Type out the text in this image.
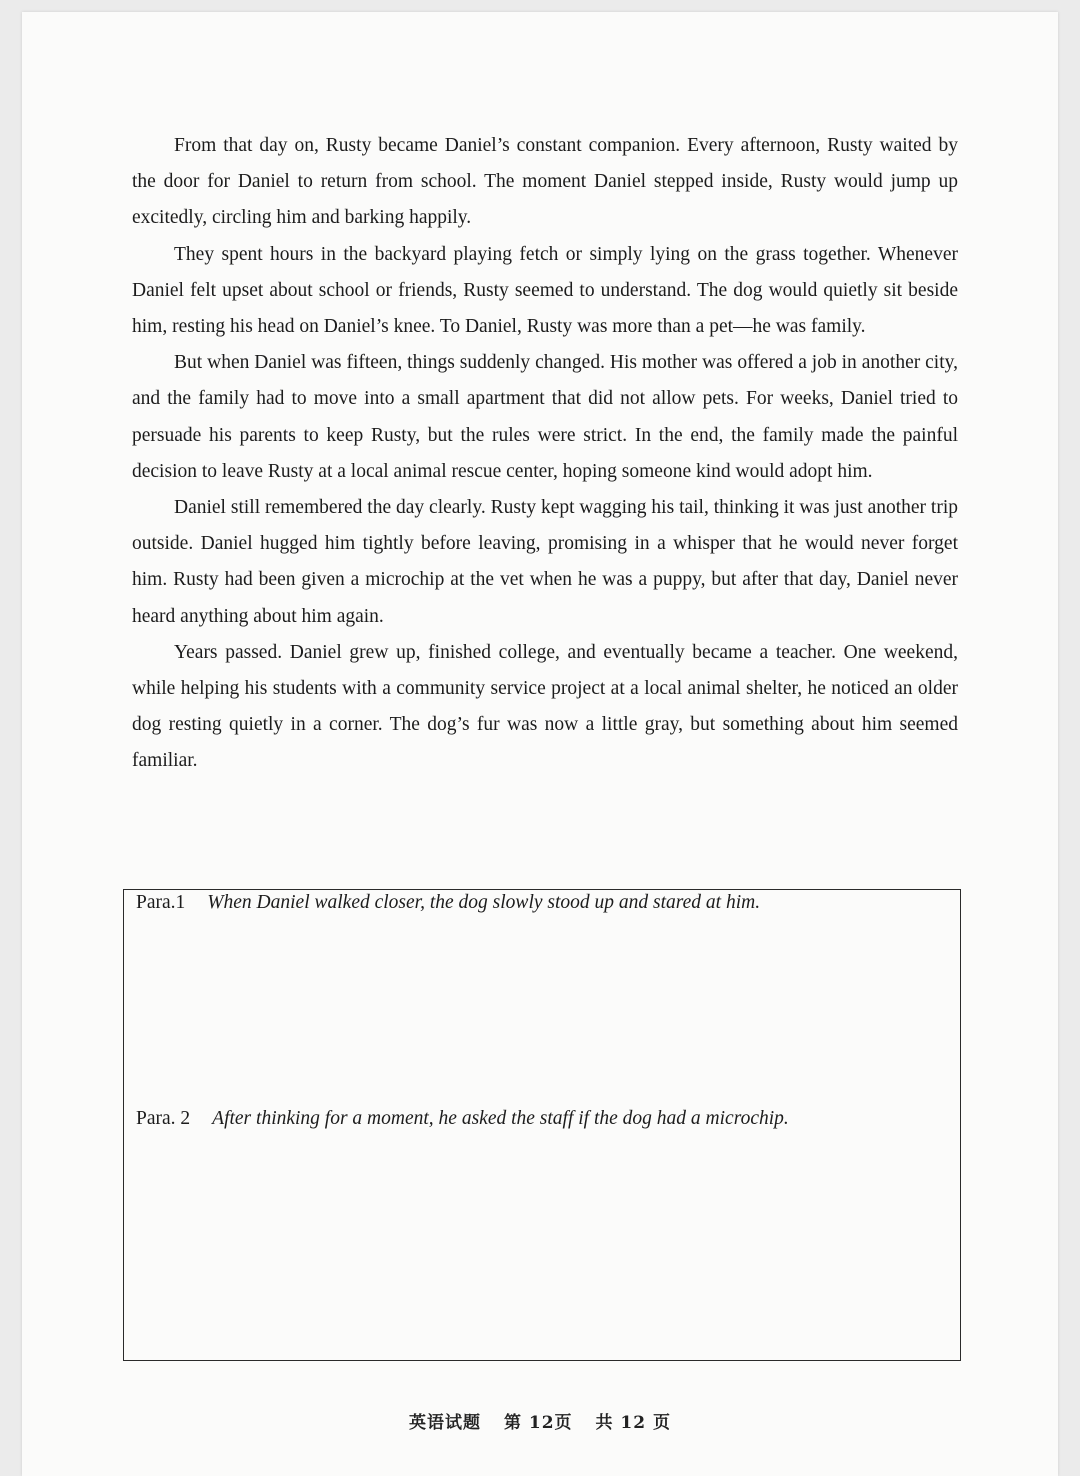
From that day on, Rusty became Daniel’s constant companion. Every afternoon, Rusty waited by the door for Daniel to return from school. The moment Daniel stepped inside, Rusty would jump up excitedly, circling him and barking happily.

They spent hours in the backyard playing fetch or simply lying on the grass together. Whenever Daniel felt upset about school or friends, Rusty seemed to understand. The dog would quietly sit beside him, resting his head on Daniel’s knee. To Daniel, Rusty was more than a pet—he was family.

But when Daniel was fifteen, things suddenly changed. His mother was offered a job in another city, and the family had to move into a small apartment that did not allow pets. For weeks, Daniel tried to persuade his parents to keep Rusty, but the rules were strict. In the end, the family made the painful decision to leave Rusty at a local animal rescue center, hoping someone kind would adopt him.

Daniel still remembered the day clearly. Rusty kept wagging his tail, thinking it was just another trip outside. Daniel hugged him tightly before leaving, promising in a whisper that he would never forget him. Rusty had been given a microchip at the vet when he was a puppy, but after that day, Daniel never heard anything about him again.

Years passed. Daniel grew up, finished college, and eventually became a teacher. One weekend, while helping his students with a community service project at a local animal shelter, he noticed an older dog resting quietly in a corner. The dog’s fur was now a little gray, but something about him seemed familiar.

Para.1 When Daniel walked closer, the dog slowly stood up and stared at him.
Para. 2 After thinking for a moment, he asked the staff if the dog had a microchip.
英语试题 第 12页 共 12 页
